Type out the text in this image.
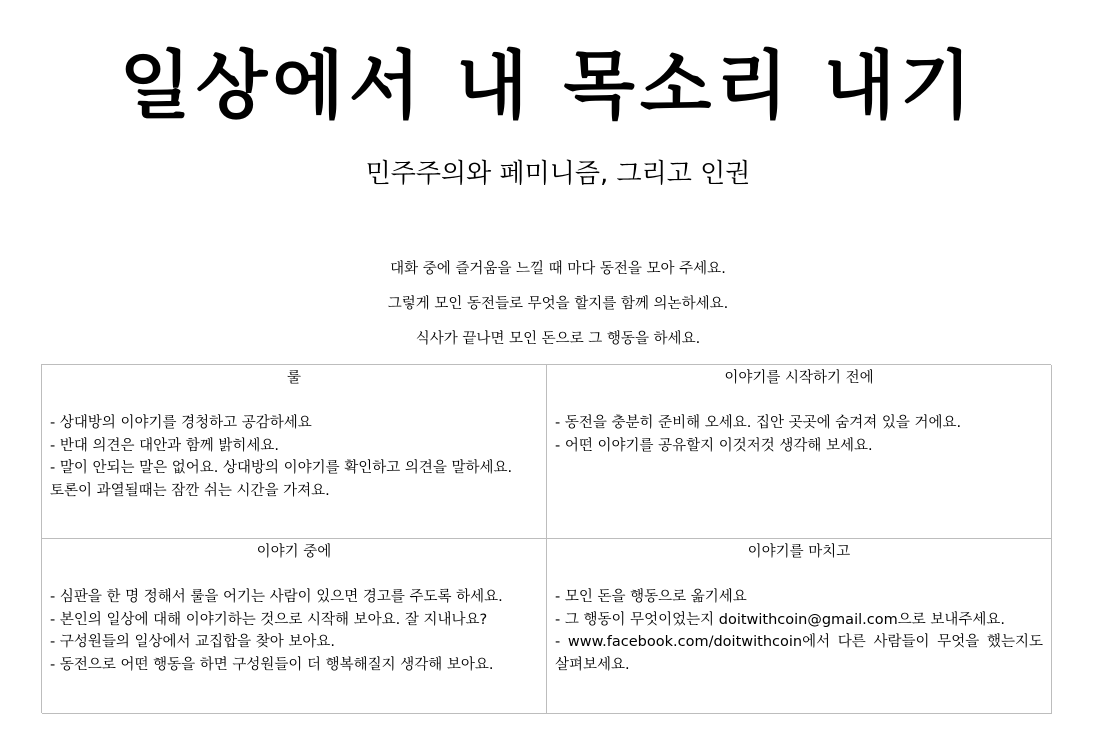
일상에서 내 목소리 내기
민주주의와 페미니즘, 그리고 인권

대화 중에 즐거움을 느낄 때 마다 동전을 모아 주세요.

그렇게 모인 동전들로 무엇을 할지를 함께 의논하세요.

식사가 끝나면 모인 돈으로 그 행동을 하세요.

룰
- 상대방의 이야기를 경청하고 공감하세요
- 반대 의견은 대안과 함께 밝히세요.
- 말이 안되는 말은 없어요. 상대방의 이야기를 확인하고 의견을 말하세요.
토론이 과열될때는 잠깐 쉬는 시간을 가져요.
이야기를 시작하기 전에
- 동전을 충분히 준비해 오세요. 집안 곳곳에 숨겨져 있을 거에요.
- 어떤 이야기를 공유할지 이것저것 생각해 보세요.
이야기 중에
- 심판을 한 명 정해서 룰을 어기는 사람이 있으면 경고를 주도록 하세요.
- 본인의 일상에 대해 이야기하는 것으로 시작해 보아요. 잘 지내나요?
- 구성원들의 일상에서 교집합을 찾아 보아요.
- 동전으로 어떤 행동을 하면 구성원들이 더 행복해질지 생각해 보아요.
이야기를 마치고
- 모인 돈을 행동으로 옮기세요
- 그 행동이 무엇이었는지 doitwithcoin@gmail.com으로 보내주세요.
- www.facebook.com/doitwithcoin에서 다른 사람들이 무엇을 했는지도 살펴보세요.
